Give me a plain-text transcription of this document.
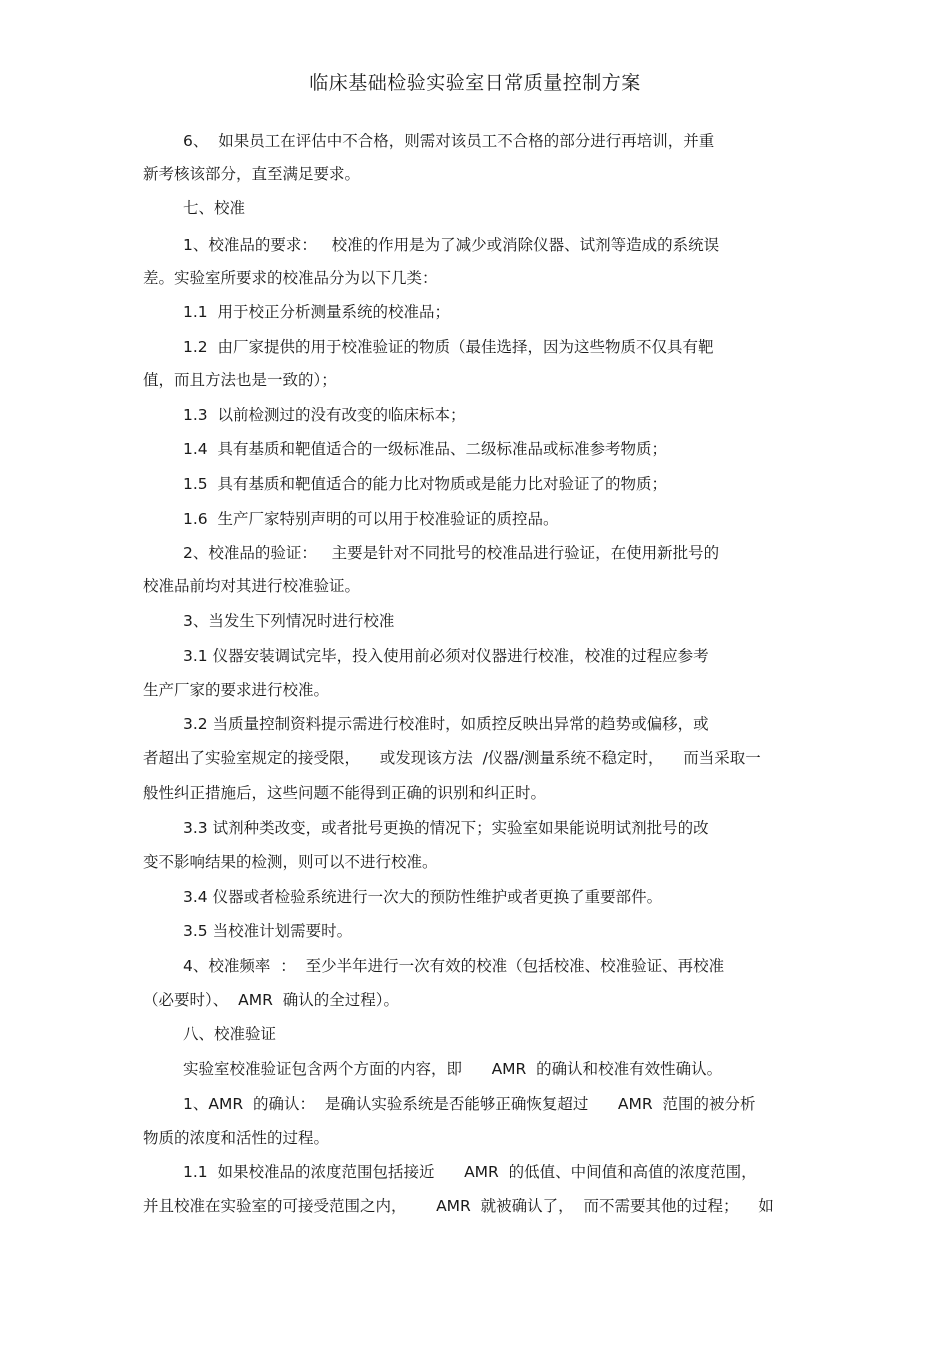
临床基础检验实验室日常质量控制方案
6、  如果员工在评估中不合格，则需对该员工不合格的部分进行再培训，并重
新考核该部分，直至满足要求。
七、校准
1、校准品的要求：   校准的作用是为了减少或消除仪器、试剂等造成的系统误
差。实验室所要求的校准品分为以下几类：
1.1  用于校正分析测量系统的校准品；
1.2  由厂家提供的用于校准验证的物质（最佳选择，因为这些物质不仅具有靶
值，而且方法也是一致的）；
1.3  以前检测过的没有改变的临床标本；
1.4  具有基质和靶值适合的一级标准品、二级标准品或标准参考物质；
1.5  具有基质和靶值适合的能力比对物质或是能力比对验证了的物质；
1.6  生产厂家特别声明的可以用于校准验证的质控品。
2、校准品的验证：   主要是针对不同批号的校准品进行验证，在使用新批号的
校准品前均对其进行校准验证。
3、当发生下列情况时进行校准
3.1 仪器安装调试完毕，投入使用前必须对仪器进行校准，校准的过程应参考
生产厂家的要求进行校准。
3.2 当质量控制资料提示需进行校准时，如质控反映出异常的趋势或偏移，或
者超出了实验室规定的接受限，    或发现该方法  /仪器/测量系统不稳定时，    而当采取一
般性纠正措施后，这些问题不能得到正确的识别和纠正时。
3.3 试剂种类改变，或者批号更换的情况下；实验室如果能说明试剂批号的改
变不影响结果的检测，则可以不进行校准。
3.4 仪器或者检验系统进行一次大的预防性维护或者更换了重要部件。
3.5 当校准计划需要时。
4、校准频率  ：  至少半年进行一次有效的校准（包括校准、校准验证、再校准
（必要时）、  AMR  确认的全过程）。
八、校准验证
实验室校准验证包含两个方面的内容，即      AMR  的确认和校准有效性确认。
1、AMR  的确认：  是确认实验系统是否能够正确恢复超过      AMR  范围的被分析
物质的浓度和活性的过程。
1.1  如果校准品的浓度范围包括接近      AMR  的低值、中间值和高值的浓度范围，
并且校准在实验室的可接受范围之内，      AMR  就被确认了，  而不需要其他的过程；    如
